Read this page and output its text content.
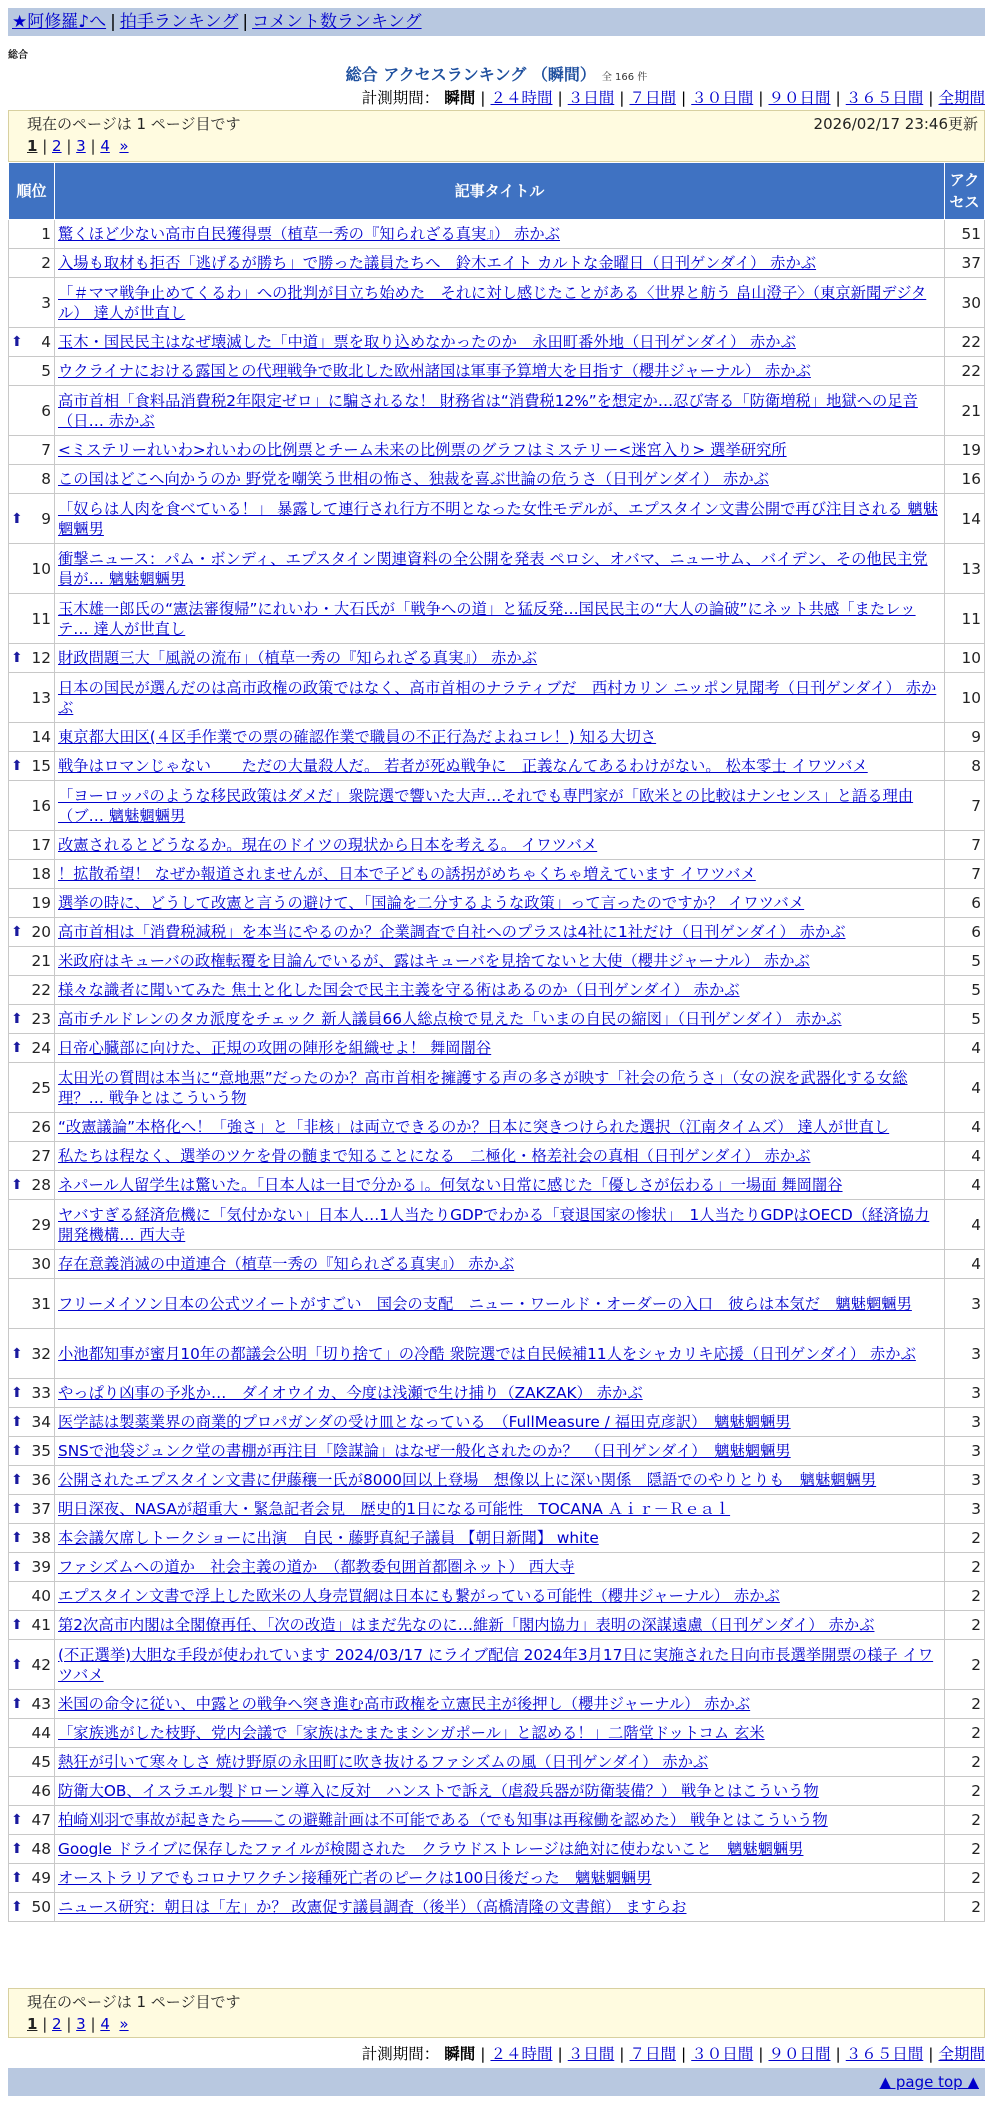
★阿修羅♪へ | 拍手ランキング | コメント数ランキング
総合
総合 アクセスランキング （瞬間） 全 166 件
計測期間： 瞬間 | ２４時間 | ３日間 | ７日間 | ３０日間 | ９０日間 | ３６５日間 | 全期間
現在のページは 1 ページ目です	2026/02/17 23:46更新
1 | 2 | 3 | 4 »
順位	記事タイトル	アクセス
1	驚くほど少ない高市自民獲得票（植草一秀の『知られざる真実』） 赤かぶ	51
2	入場も取材も拒否「逃げるが勝ち」で勝った議員たちへ　鈴木エイト カルトな金曜日（日刊ゲンダイ） 赤かぶ	37
3	「＃ママ戦争止めてくるわ」への批判が目立ち始めた　それに対し感じたことがある〈世界と舫う 畠山澄子〉（東京新聞デジタル） 達人が世直し	30

⬆ 4	玉木・国民民主はなぜ壊滅した「中道」票を取り込めなかったのか　永田町番外地（日刊ゲンダイ） 赤かぶ	22
5	ウクライナにおける露国との代理戦争で敗北した欧州諸国は軍事予算増大を目指す（櫻井ジャーナル） 赤かぶ	22
6	高市首相「食料品消費税2年限定ゼロ」に騙されるな！ 財務省は“消費税12%”を想定か…忍び寄る「防衛増税」地獄への足音（日… 赤かぶ	21
7	<ミステリーれいわ>れいわの比例票とチーム未来の比例票のグラフはミステリー<迷宮入り> 選挙研究所	19
8	この国はどこへ向かうのか 野党を嘲笑う世相の怖さ、独裁を喜ぶ世論の危うさ（日刊ゲンダイ） 赤かぶ	16

⬆ 9	「奴らは人肉を食べている！」 暴露して連行され行方不明となった女性モデルが、エプスタイン文書公開で再び注目される 魑魅魍魎男	14
10	衝撃ニュース：パム・ボンディ、エプスタイン関連資料の全公開を発表 ペロシ、オバマ、ニューサム、バイデン、その他民主党員が… 魑魅魍魎男	13
11	玉木雄一郎氏の“憲法審復帰”にれいわ・大石氏が「戦争への道」と猛反発…国民民主の“大人の論破”にネット共感「またレッテ… 達人が世直し	11

⬆ 12	財政問題三大「風説の流布」（植草一秀の『知られざる真実』） 赤かぶ	10
13	日本の国民が選んだのは高市政権の政策ではなく、高市首相のナラティブだ　西村カリン ニッポン見聞考（日刊ゲンダイ） 赤かぶ	10
14	東京都大田区(４区手作業での票の確認作業で職員の不正行為だよねコレ！) 知る大切さ	9

⬆ 15	戦争はロマンじゃない　　ただの大量殺人だ。 若者が死ぬ戦争に　正義なんてあるわけがない。 松本零士 イワツバメ	8
16	「ヨーロッパのような移民政策はダメだ」衆院選で響いた大声…それでも専門家が「欧米との比較はナンセンス」と語る理由（ブ… 魑魅魍魎男	7
17	改憲されるとどうなるか。現在のドイツの現状から日本を考える。 イワツバメ	7
18	！拡散希望！ なぜか報道されませんが、日本で子どもの誘拐がめちゃくちゃ増えています イワツバメ	7
19	選挙の時に、どうして改憲と言うの避けて、「国論を二分するような政策」って言ったのですか？ イワツバメ	6

⬆ 20	高市首相は「消費税減税」を本当にやるのか？企業調査で自社へのプラスは4社に1社だけ（日刊ゲンダイ） 赤かぶ	6
21	米政府はキューバの政権転覆を目論んでいるが、露はキューバを見捨てないと大使（櫻井ジャーナル） 赤かぶ	5
22	様々な識者に聞いてみた 焦土と化した国会で民主主義を守る術はあるのか（日刊ゲンダイ） 赤かぶ	5

⬆ 23	高市チルドレンのタカ派度をチェック 新人議員66人総点検で見えた「いまの自民の縮図」（日刊ゲンダイ） 赤かぶ	5

⬆ 24	日帝心臓部に向けた、正規の攻囲の陣形を組織せよ！ 舞岡闇谷	4
25	太田光の質問は本当に“意地悪”だったのか？高市首相を擁護する声の多さが映す「社会の危うさ」（女の涙を武器化する女総理？… 戦争とはこういう物	4
26	“改憲議論”本格化へ！「強さ」と「非核」は両立できるのか？日本に突きつけられた選択（江南タイムズ） 達人が世直し	4
27	私たちは程なく、選挙のツケを骨の髄まで知ることになる　二極化・格差社会の真相（日刊ゲンダイ） 赤かぶ	4

⬆ 28	ネパール人留学生は驚いた。「日本人は一目で分かる」。何気ない日常に感じた「優しさが伝わる」一場面 舞岡闇谷	4
29	ヤバすぎる経済危機に「気付かない」日本人…1人当たりGDPでわかる「衰退国家の惨状」　1人当たりGDPはOECD（経済協力開発機構… 西大寺	4
30	存在意義消滅の中道連合（植草一秀の『知られざる真実』） 赤かぶ	4
31	フリーメイソン日本の公式ツイートがすごい　国会の支配　ニュー・ワールド・オーダーの入口　彼らは本気だ　魑魅魍魎男	3

⬆ 32	小池都知事が蜜月10年の都議会公明「切り捨て」の冷酷 衆院選では自民候補11人をシャカリキ応援（日刊ゲンダイ） 赤かぶ	3

⬆ 33	やっぱり凶事の予兆か…　ダイオウイカ、今度は浅瀬で生け捕り（ZAKZAK） 赤かぶ	3

⬆ 34	医学誌は製薬業界の商業的プロパガンダの受け皿となっている　（FullMeasure / 福田克彦訳）　魑魅魍魎男	3

⬆ 35	SNSで池袋ジュンク堂の書棚が再注目「陰謀論」はなぜ一般化されたのか？　（日刊ゲンダイ）　魑魅魍魎男	3

⬆ 36	公開されたエプスタイン文書に伊藤穰一氏が8000回以上登場　想像以上に深い関係　隠語でのやりとりも　魑魅魍魎男	3

⬆ 37	明日深夜、NASAが超重大・緊急記者会見　歴史的1日になる可能性　TOCANA Ａｉｒ－Ｒｅａｌ	3

⬆ 38	本会議欠席しトークショーに出演　自民・藤野真紀子議員 【朝日新聞】 white	2

⬆ 39	ファシズムへの道か　社会主義の道か　（都教委包囲首都圏ネット） 西大寺	2
40	エプスタイン文書で浮上した欧米の人身売買網は日本にも繋がっている可能性（櫻井ジャーナル） 赤かぶ	2

⬆ 41	第2次高市内閣は全閣僚再任、「次の改造」はまだ先なのに…維新「閣内協力」表明の深謀遠慮（日刊ゲンダイ） 赤かぶ	2

⬆ 42	(不正選挙)大胆な手段が使われています 2024/03/17 にライブ配信 2024年3月17日に実施された日向市長選挙開票の様子 イワツバメ	2

⬆ 43	米国の命令に従い、中露との戦争へ突き進む高市政権を立憲民主が後押し（櫻井ジャーナル） 赤かぶ	2
44	「家族逃がした枝野、党内会議で「家族はたまたまシンガポール」と認める！」二階堂ドットコム 玄米	2
45	熱狂が引いて寒々しさ 焼け野原の永田町に吹き抜けるファシズムの風（日刊ゲンダイ） 赤かぶ	2
46	防衛大OB、イスラエル製ドローン導入に反対　ハンストで訴え（虐殺兵器が防衛装備？） 戦争とはこういう物	2

⬆ 47	柏崎刈羽で事故が起きたら――この避難計画は不可能である（でも知事は再稼働を認めた） 戦争とはこういう物	2

⬆ 48	Google ドライブに保存したファイルが検閲された　クラウドストレージは絶対に使わないこと　魑魅魍魎男	2

⬆ 49	オーストラリアでもコロナワクチン接種死亡者のピークは100日後だった　魑魅魍魎男	2

⬆ 50	ニュース研究：朝日は「左」か？ 改憲促す議員調査（後半）（高橋清隆の文書館） ますらお	2
現在のページは 1 ページ目です
1 | 2 | 3 | 4 »
計測期間： 瞬間 | ２４時間 | ３日間 | ７日間 | ３０日間 | ９０日間 | ３６５日間 | 全期間
▲ page top ▲
